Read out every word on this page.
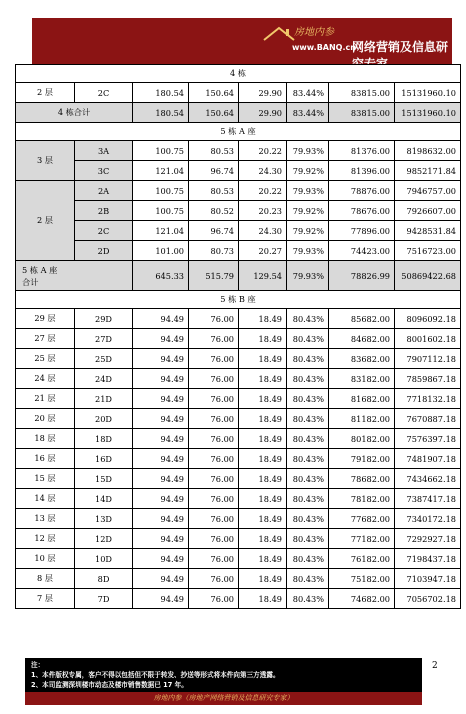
房地内参
www.BANQ.cn
网络营销及信息研究专家
4 栋							
2 层	2C	180.54	150.64	29.90	83.44%	83815.00	15131960.10
4 栋合计		180.54	150.64	29.90	83.44%	83815.00	15131960.10
5 栋 A 座							
3 层	3A	100.75	80.53	20.22	79.93%	81376.00	8198632.00
	3C	121.04	96.74	24.30	79.92%	81396.00	9852171.84
2 层	2A	100.75	80.53	20.22	79.93%	78876.00	7946757.00
	2B	100.75	80.52	20.23	79.92%	78676.00	7926607.00
	2C	121.04	96.74	24.30	79.92%	77896.00	9428531.84
	2D	101.00	80.73	20.27	79.93%	74423.00	7516723.00

5 栋 A 座
合计		645.33	515.79	129.54	79.93%	78826.99	50869422.68
5 栋 B 座							
29 层	29D	94.49	76.00	18.49	80.43%	85682.00	8096092.18
27 层	27D	94.49	76.00	18.49	80.43%	84682.00	8001602.18
25 层	25D	94.49	76.00	18.49	80.43%	83682.00	7907112.18
24 层	24D	94.49	76.00	18.49	80.43%	83182.00	7859867.18
21 层	21D	94.49	76.00	18.49	80.43%	81682.00	7718132.18
20 层	20D	94.49	76.00	18.49	80.43%	81182.00	7670887.18
18 层	18D	94.49	76.00	18.49	80.43%	80182.00	7576397.18
16 层	16D	94.49	76.00	18.49	80.43%	79182.00	7481907.18
15 层	15D	94.49	76.00	18.49	80.43%	78682.00	7434662.18
14 层	14D	94.49	76.00	18.49	80.43%	78182.00	7387417.18
13 层	13D	94.49	76.00	18.49	80.43%	77682.00	7340172.18
12 层	12D	94.49	76.00	18.49	80.43%	77182.00	7292927.18
10 层	10D	94.49	76.00	18.49	80.43%	76182.00	7198437.18
8 层	8D	94.49	76.00	18.49	80.43%	75182.00	7103947.18
7 层	7D	94.49	76.00	18.49	80.43%	74682.00	7056702.18
注：
1、本件版权专属，客户不得以包括但不限于转发、抄送等形式将本件向第三方透露。
2、本司监测深圳楼市动态及楼市销售数据已 17 年。
2
房地内参（房地产网络营销及信息研究专家）
